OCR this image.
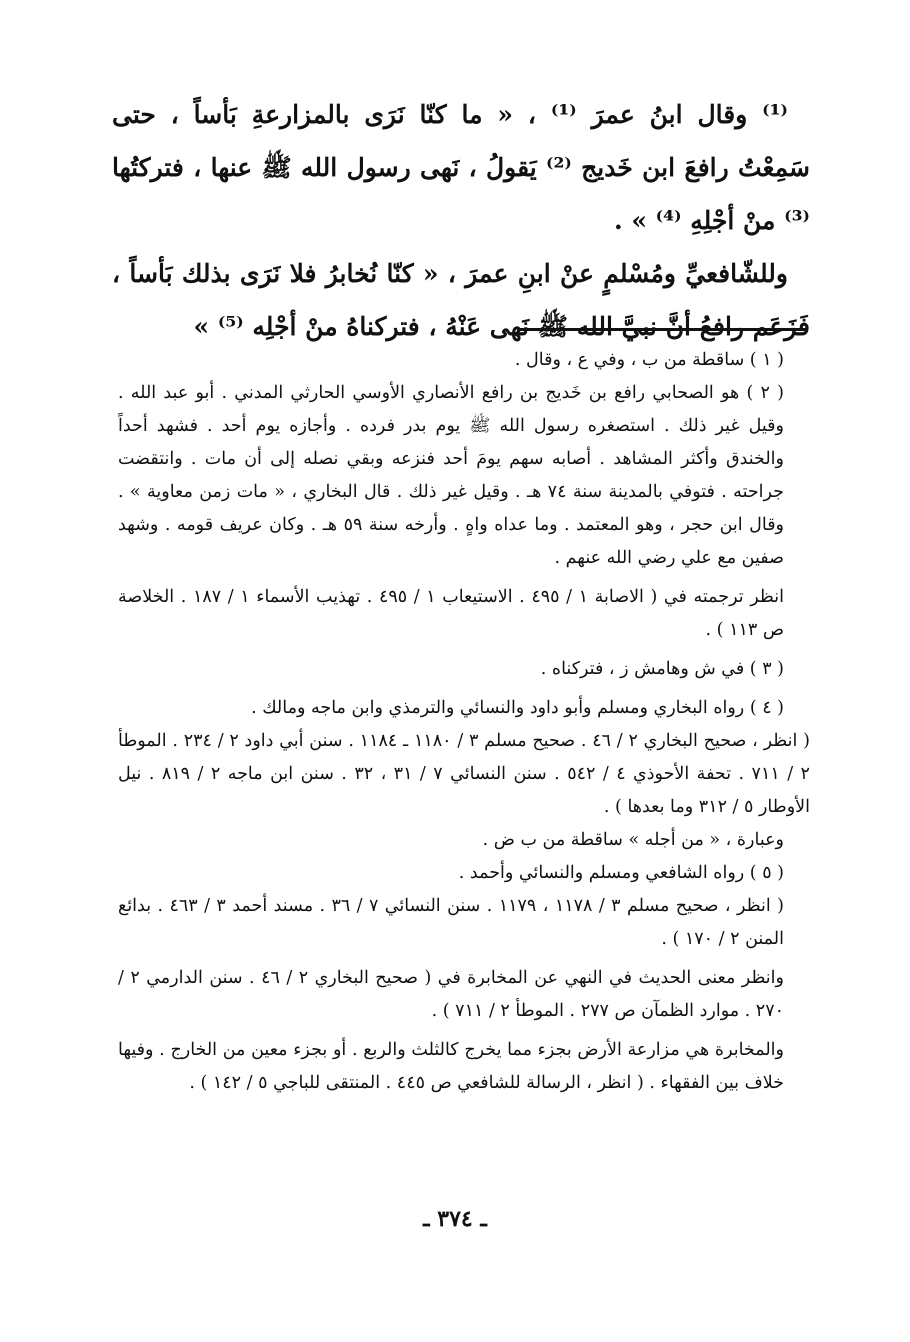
⁽¹⁾ وقال ابنُ عمرَ ⁽¹⁾ ، « ما كنّا نَرَى بالمزارعةِ بَأساً ، حتى سَمِعْتُ رافعَ ابن خَديج ⁽²⁾ يَقولُ ، نَهى رسول الله ﷺ عنها ، فتركتُها ⁽³⁾ منْ أجْلِهِ ⁽⁴⁾ » .

وللشّافعيِّ ومُسْلمٍ عنْ ابنِ عمرَ ، « كنّا نُخابرُ فلا نَرَى بذلك بَأساً ، فَزَعَم رافعُ أنَّ نبيَّ الله ﷺ نَهى عَنْهُ ، فتركناهُ منْ أجْلِه ⁽⁵⁾ »

( ١ ) ساقطة من ب ، وفي ع ، وقال .

( ٢ ) هو الصحابي رافع بن خَديج بن رافع الأنصاري الأوسي الحارثي المدني . أبو عبد الله . وقيل غير ذلك . استصغره رسول الله ﷺ يوم بدر فرده . وأجازه يوم أحد . فشهد أحداً والخندق وأكثر المشاهد . أصابه سهم يومَ أحد فنزعه وبقي نصله إلى أن مات . وانتقضت جراحته . فتوفي بالمدينة سنة ٧٤ هـ . وقيل غير ذلك . قال البخاري ، « مات زمن معاوية » . وقال ابن حجر ، وهو المعتمد . وما عداه واهٍ . وأرخه سنة ٥٩ هـ . وكان عريف قومه . وشهد صفين مع علي رضي الله عنهم .

انظر ترجمته في ( الاصابة ١ / ٤٩٥ . الاستيعاب ١ / ٤٩٥ . تهذيب الأسماء ١ / ١٨٧ . الخلاصة ص ١١٣ ) .

( ٣ ) في ش وهامش ز ، فتركناه .

( ٤ ) رواه البخاري ومسلم وأبو داود والنسائي والترمذي وابن ماجه ومالك .

( انظر ، صحيح البخاري ٢ / ٤٦ . صحيح مسلم ٣ / ١١٨٠ ـ ١١٨٤ . سنن أبي داود ٢ / ٢٣٤ . الموطأ ٢ / ٧١١ . تحفة الأحوذي ٤ / ٥٤٢ . سنن النسائي ٧ / ٣١ ، ٣٢ . سنن ابن ماجه ٢ / ٨١٩ . نيل الأوطار ٥ / ٣١٢ وما بعدها ) .

وعبارة ، « من أجله » ساقطة من ب ض .

( ٥ ) رواه الشافعي ومسلم والنسائي وأحمد .

( انظر ، صحيح مسلم ٣ / ١١٧٨ ، ١١٧٩ . سنن النسائي ٧ / ٣٦ . مسند أحمد ٣ / ٤٦٣ . بدائع المنن ٢ / ١٧٠ ) .

وانظر معنى الحديث في النهي عن المخابرة في ( صحيح البخاري ٢ / ٤٦ . سنن الدارمي ٢ / ٢٧٠ . موارد الظمآن ص ٢٧٧ . الموطأ ٢ / ٧١١ ) .

والمخابرة هي مزارعة الأرض بجزء مما يخرج كالثلث والربع . أو بجزء معين من الخارج . وفيها خلاف بين الفقهاء . ( انظر ، الرسالة للشافعي ص ٤٤٥ . المنتقى للباجي ٥ / ١٤٢ ) .

ـ ٣٧٤ ـ
